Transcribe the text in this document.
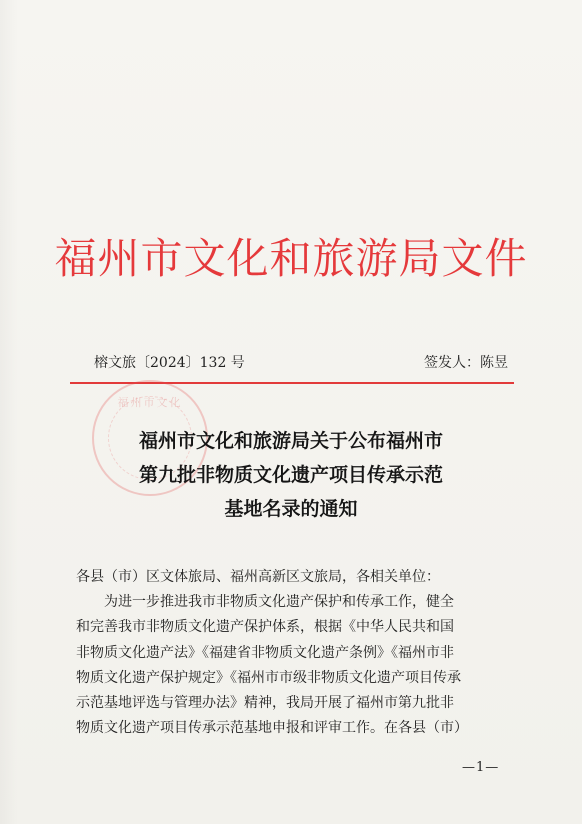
福州市文化和旅游局文件
榕文旅〔2024〕132 号	签发人：陈昱
福州市文化
福州市文化和旅游局关于公布福州市
第九批非物质文化遗产项目传承示范
基地名录的通知
各县（市）区文体旅局、福州高新区文旅局，各相关单位：
为进一步推进我市非物质文化遗产保护和传承工作，健全
和完善我市非物质文化遗产保护体系，根据《中华人民共和国
非物质文化遗产法》《福建省非物质文化遗产条例》《福州市非
物质文化遗产保护规定》《福州市市级非物质文化遗产项目传承
示范基地评选与管理办法》精神，我局开展了福州市第九批非
物质文化遗产项目传承示范基地申报和评审工作。在各县（市）
—1—
